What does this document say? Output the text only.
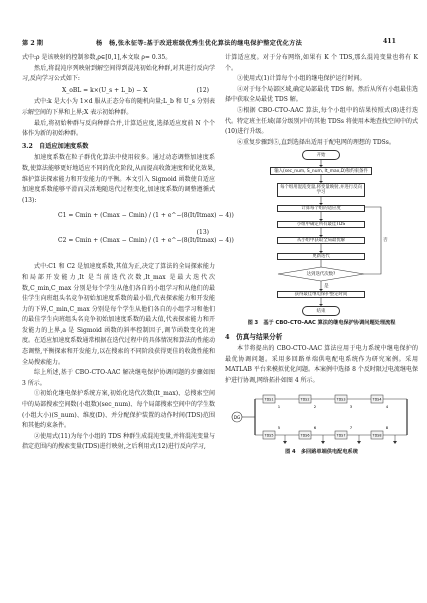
第 2 期	杨　杨,张永征等:基于改进班级优秀生优化算法的继电保护整定优化方法	411

式中:ρ 是该映射的控制参数,ρ∈[0,1],本文取 ρ= 0.35。

然后,将混沌序列映射到解空间得到混沌初始化种群,对其进行反向学习,反向学习公式如下:

X_oBL = k×(U_s + L_b) − X	(12)

式中:k 是大小为 1×d 服从正态分布的随机向量;L_b 和 U_s 分别表示解空间的下界和上界;X 表示初始种群。

最后,将初始种群与反向种群合并,计算适应度,选择适应度前 N 个个体作为新的初始种群。

3.2　自适应加速度系数

加速度系数在粒子群优化算法中使用较多。通过动态调整加速度系数,使算法能够更好地适应不同的优化阶段,从而提高收敛速度和优化效果,维护算法探索能力和开发能力的平衡。本文引入 Sigmoid 函数使自适应加速度系数能够平滑而灵活地随迭代过程变化,加速度系数的调整遵循式(13):

C1 = Cmin + (Cmax − Cmin) / (1 + e^−(8(It/Itmax) − 4))
C2 = Cmin + (Cmax − Cmin) / (1 + e^−(8(It/Itmax) − 4))
(13)

式中:C1 和 C2 是加速度系数,其值为正,决定了算法的全局探索能力和局部开发能力,It 是当前迭代次数,It_max 是最大迭代次数,C_min,C_max 分别是每个学生从他们各自的小组学习和从他们的最佳学生向班组头名竞争初始加速度系数的最小值,代表探索能力和开发能力的下界,C_min,C_max 分别是每个学生从他们各自的小组学习和他们的最佳学生向班组头名竞争初始加速度系数的最大值,代表探索能力和开发能力的上界,a 是 Sigmoid 函数的斜率控制因子,调节函数变化的速度。在适应加速度系数通常根据在迭代过程中的具体情况和算法的性能动态调整,平衡探索和开发能力,以在搜索的不同阶段获得更佳的收敛性能和全局搜索能力。

综上所述,基于 CBO-CTO-AAC 解决继电保护协调问题的步骤如图 3 所示。

①初始化继电保护系统方案,初始化迭代次数(It_max)、总搜索空间中的局部搜索空间数(小组数)(sec_num)、每个局部搜索空间中的学生数(小组大小)(S_num)、维度(D)、并分配保护装置的动作时间(TDS)范围和其他约束条件。

②使用式(11)为每个小组的 TDS 种群生成混沌变量,并将混沌变量与指定范围内的搜索变量(TDS)进行映射,之后利用式(12)进行反向学习,

计算适应度。对于分布网络,如果有 K 个 TDS,那么混沌变量也将有 K 个。

③使用式(1)计算每个小组的继电保护运行时间。

④对于每个局部区域,确定局部最优 TDS 解。然后从所有小组最佳选择中获取全局最优 TDS 解。

⑤根据 CBO-CTO-AAC 算法,每个小组中的结果按照式(8)进行迭代。特定班主任域(部分级别)中的其他 TDSs 将使用本地查找空间中的式(10)进行升级。

⑥重复步骤到⑤,直到选择出适用于配电网的理想的 TDSs。

开始
输入(sec_num, S_num, It_max,D)和约束条件
每个组用混沌变量,将变量映射,并进行反向学习
计算每个组的适应度
小组中确定所有最佳TDS
从小组中获取全局最优解
更新迭代
达到迭代次数?
否
是
获得最佳继电保护整定时间
结束
图 3　基于 CBO-CTO-AAC 算法的继电保护协调问题处理流程
4　仿真与结果分析

本节将提出的 CBO-CTO-AAC 算法应用于电力系统中继电保护的最优协调问题。采用多回路单端供电配电系统作为研究案例。采用 MATLAB 平台来模拟优化问题。本案例中选择 8 个反时限过电流继电保护进行协调,网络拓扑如图 4 所示。

DG
TDS1
1
TDS2
2
TDS3
3
TDS4
4
TDS5
5
TDS6
6
TDS7
7
TDS8
8
图 4　多回路单端供电配电系统
